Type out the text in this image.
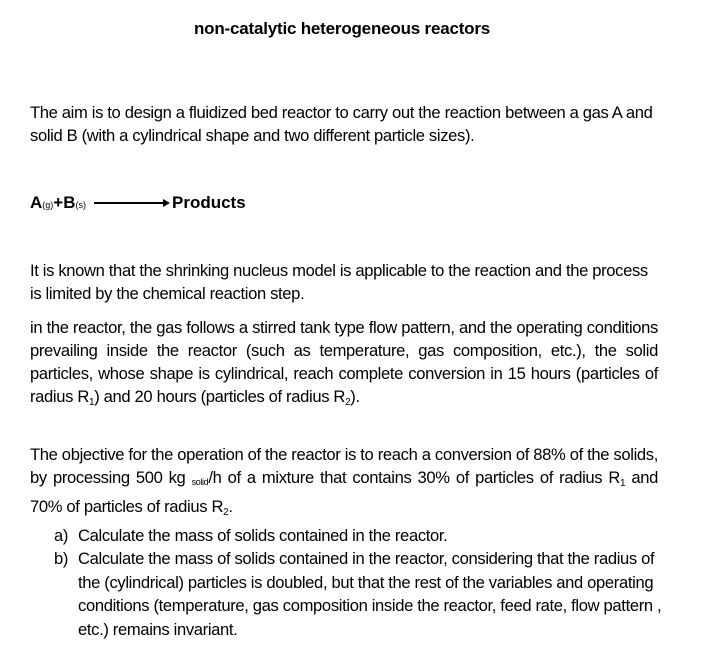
non-catalytic heterogeneous reactors
The aim is to design a fluidized bed reactor to carry out the reaction between a gas A and solid B (with a cylindrical shape and two different particle sizes).
A (g) +B (s)	Products
It is known that the shrinking nucleus model is applicable to the reaction and the process is limited by the chemical reaction step.
in the reactor, the gas follows a stirred tank type flow pattern, and the operating conditions prevailing inside the reactor (such as temperature, gas composition, etc.), the solid particles, whose shape is cylindrical, reach complete conversion in 15 hours (particles of radius $R_1$) and 20 hours (particles of radius $R_2$).
The objective for the operation of the reactor is to reach a conversion of 88% of the solids, by processing 500 kg solid/h of a mixture that contains 30% of particles of radius $R_1$ and 70% of particles of radius $R_2$.
a) Calculate the mass of solids contained in the reactor.
b) Calculate the mass of solids contained in the reactor, considering that the radius of the (cylindrical) particles is doubled, but that the rest of the variables and operating conditions (temperature, gas composition inside the reactor, feed rate, flow pattern , etc.) remains invariant.
